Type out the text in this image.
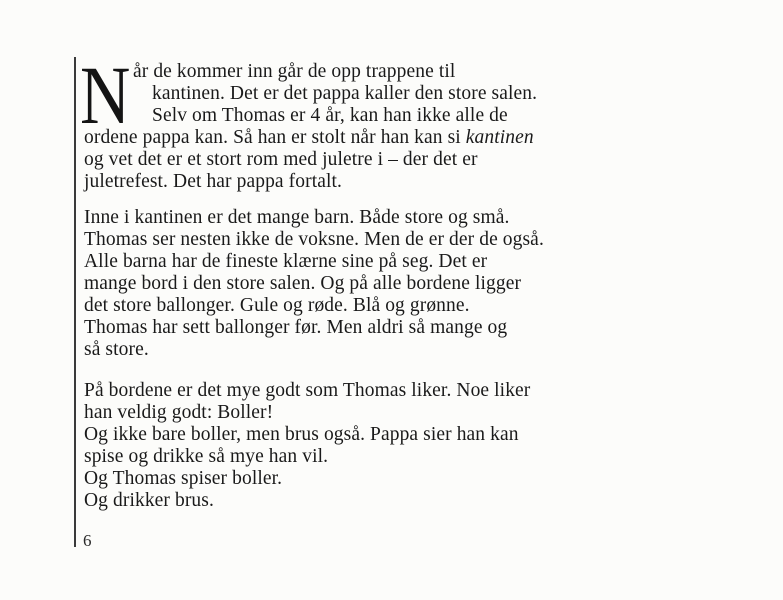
N år de kommer inn går de opp trappene til
kantinen. Det er det pappa kaller den store salen.
Selv om Thomas er 4 år, kan han ikke alle de
ordene pappa kan. Så han er stolt når han kan si kantinen
og vet det er et stort rom med juletre i – der det er
juletrefest. Det har pappa fortalt.
Inne i kantinen er det mange barn. Både store og små.
Thomas ser nesten ikke de voksne. Men de er der de også.
Alle barna har de fineste klærne sine på seg. Det er
mange bord i den store salen. Og på alle bordene ligger
det store ballonger. Gule og røde. Blå og grønne.
Thomas har sett ballonger før. Men aldri så mange og
så store.
På bordene er det mye godt som Thomas liker. Noe liker
han veldig godt: Boller!
Og ikke bare boller, men brus også. Pappa sier han kan
spise og drikke så mye han vil.
Og Thomas spiser boller.
Og drikker brus.
6
